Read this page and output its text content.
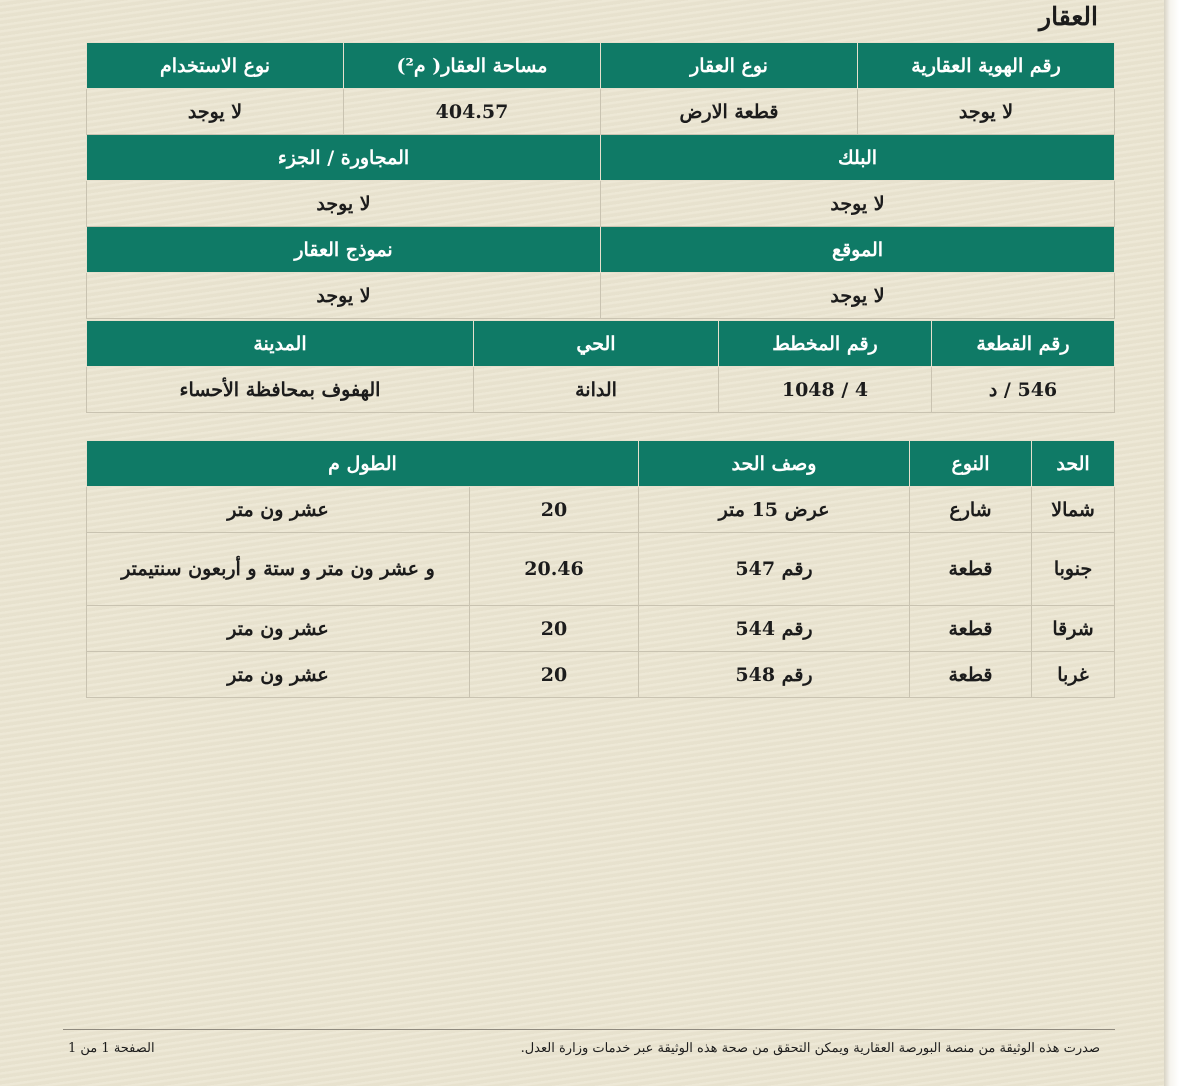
العقار
رقم الهوية العقارية	نوع العقار	مساحة العقار( م²)	نوع الاستخدام
لا يوجد	قطعة الارض	404.57	لا يوجد
البلك		المجاورة / الجزء	
لا يوجد		لا يوجد	
الموقع		نموذج العقار	
لا يوجد		لا يوجد	
رقم القطعة	رقم المخطط	الحي	المدينة
546 / د	4 / 1048	الدانة	الهفوف بمحافظة الأحساء
الحد	النوع	وصف الحد	الطول م	
شمالا	شارع	عرض 15 متر	20	عشر ون متر
جنوبا	قطعة	رقم 547	20.46	و عشر ون متر و ستة و أربعون سنتيمتر
شرقا	قطعة	رقم 544	20	عشر ون متر
غربا	قطعة	رقم 548	20	عشر ون متر
صدرت هذه الوثيقة من منصة البورصة العقارية ويمكن التحقق من صحة هذه الوثيقة عبر خدمات وزارة العدل.
الصفحة 1 من 1
